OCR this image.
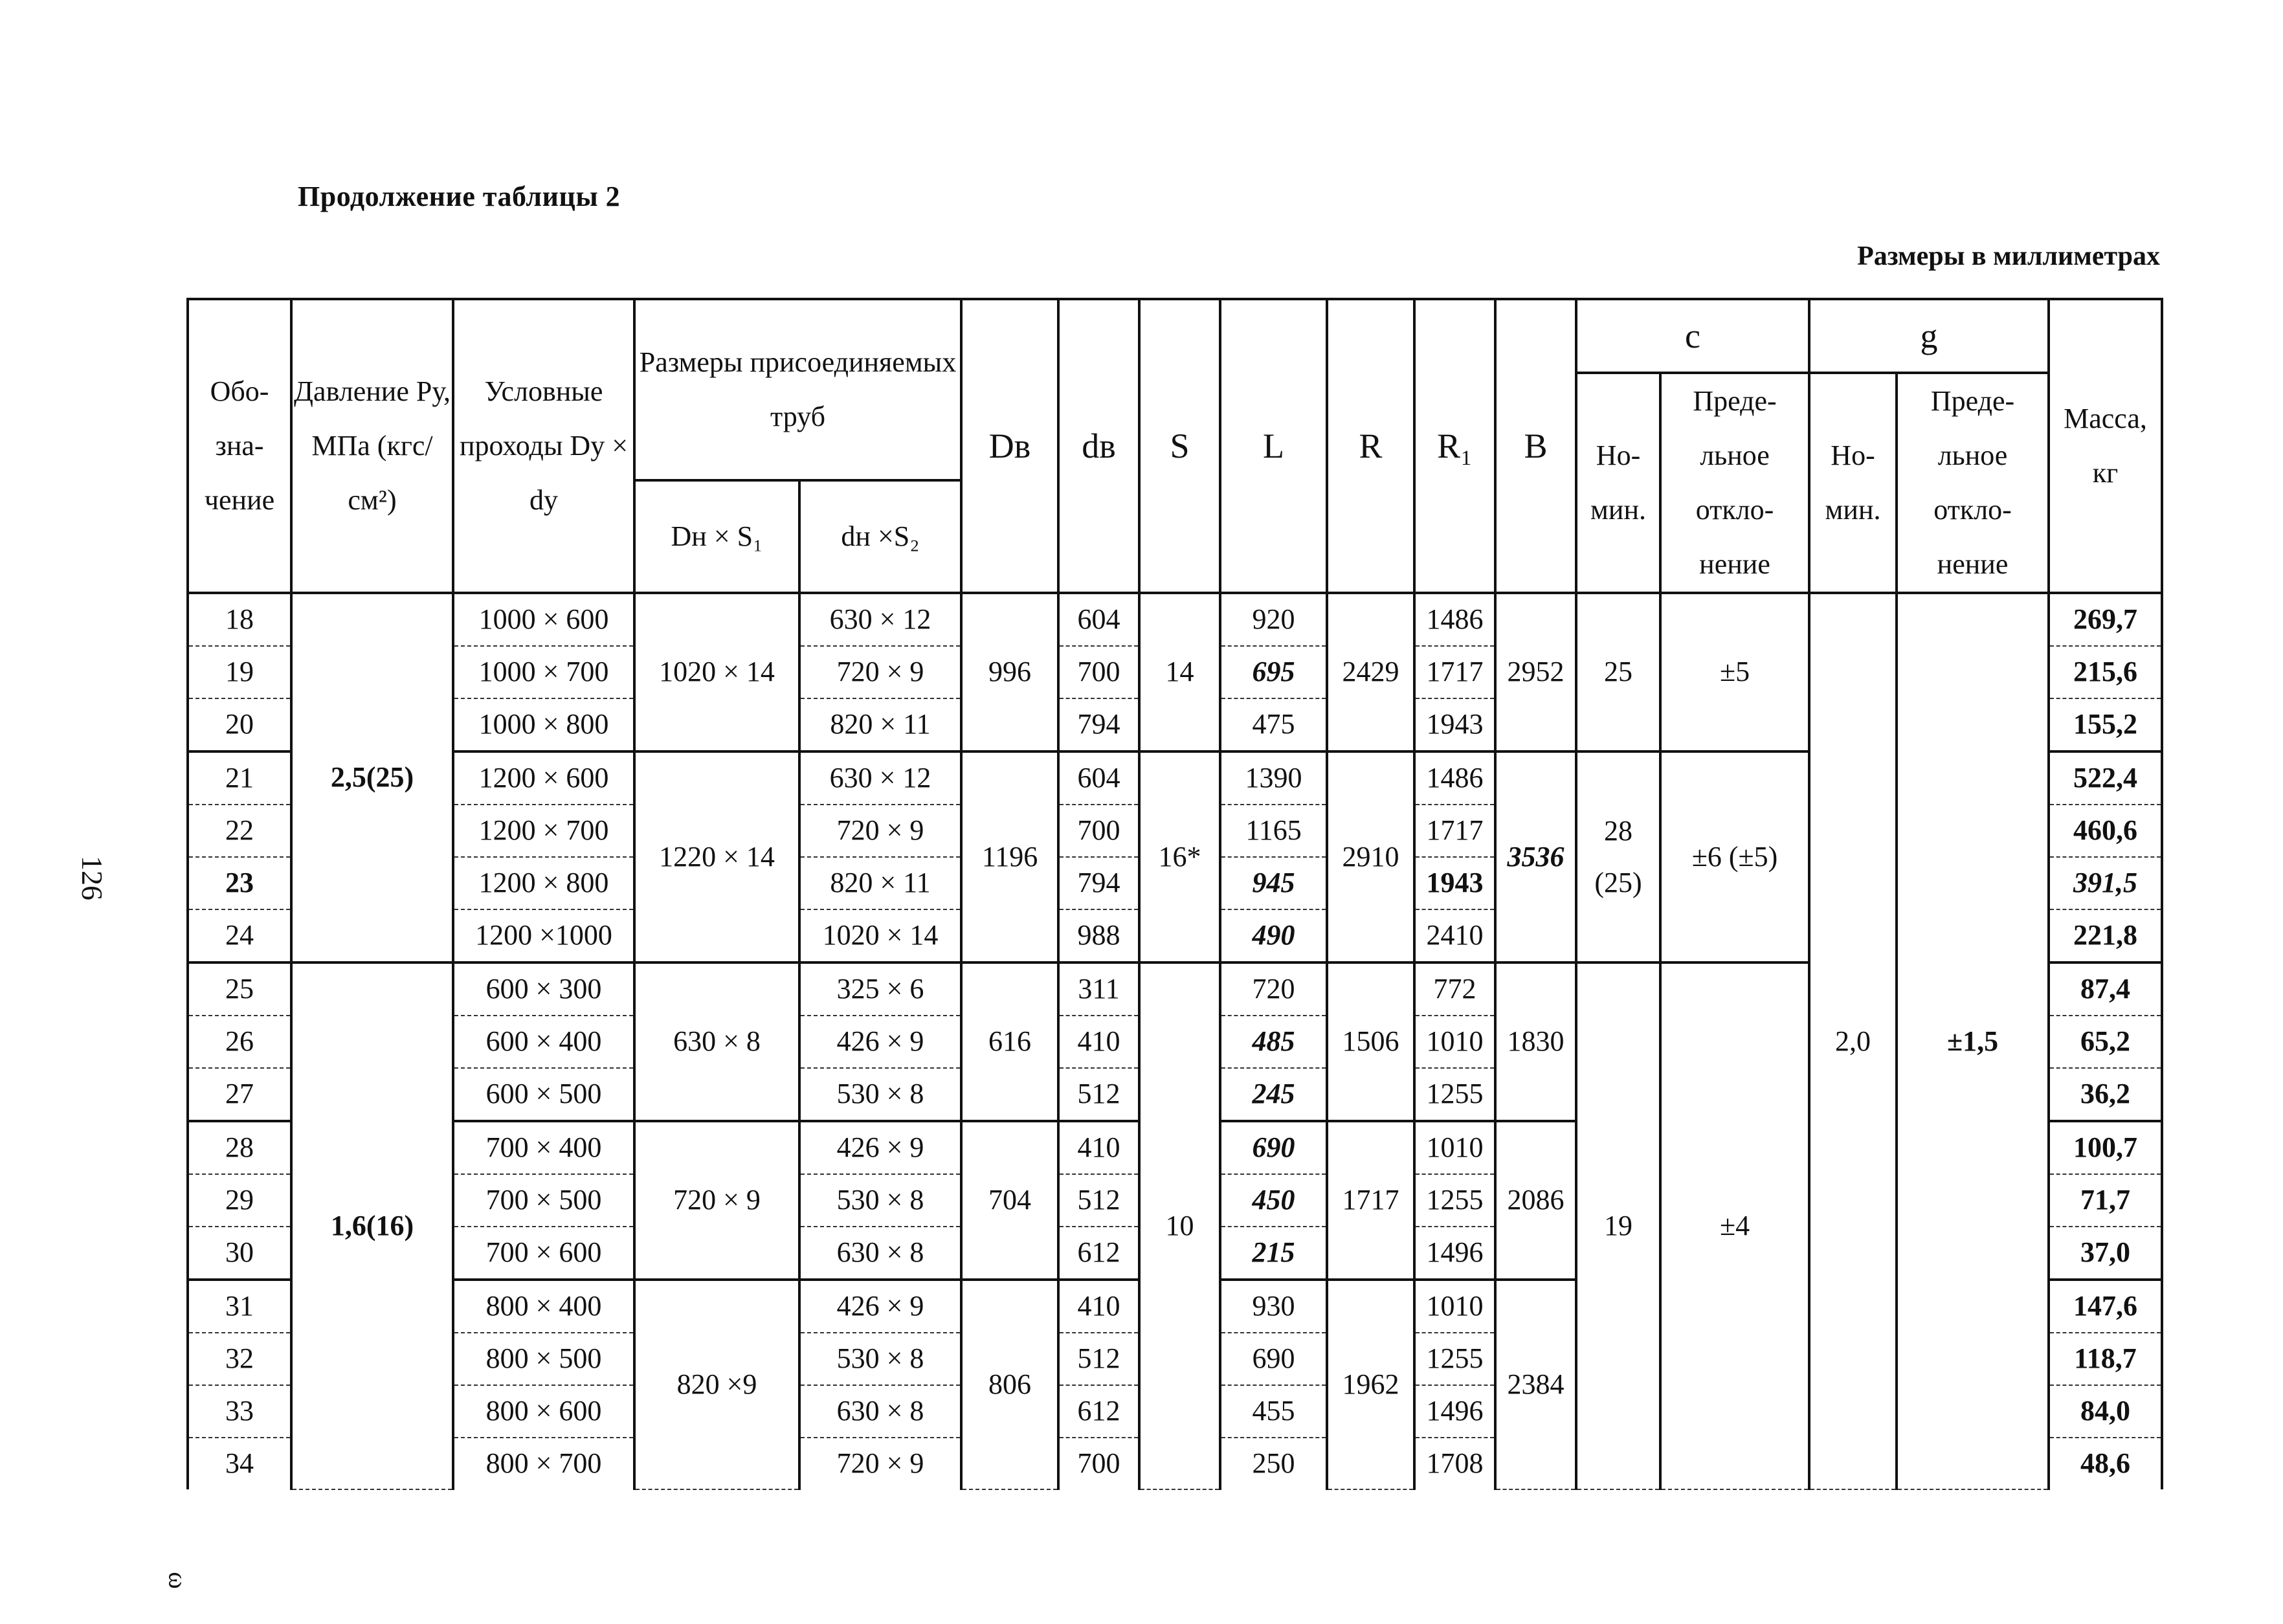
Продолжение таблицы 2
Размеры в миллиметрах
126
ω
Обо- зна- чение	Давление Ру, МПа (кгс/см²)	Условные проходы Dу × dу	Размеры присоединяемых труб		Dв	dв	S	L	R	R₁	B	c		g		Масса, кг
												Но- мин.	Преде- льное откло- нение	Но- мин.	Преде- льное откло- нение	
			Dн × S₁	dн ×S₂												
18	2,5(25)	1000 × 600	1020 × 14	630 × 12	996	604	14	920	2429	1486	2952	25	±5	2,0	±1,5	269,7
19		1000 × 700		720 × 9		700		695		1717						215,6
20		1000 × 800		820 × 11		794		475		1943						155,2
21		1200 × 600	1220 × 14	630 × 12	1196	604	16*	1390	2910	1486	3536	28 (25)	±6 (±5)			522,4
22		1200 × 700		720 × 9		700		1165		1717						460,6
23		1200 × 800		820 × 11		794		945		1943						391,5
24		1200 ×1000		1020 × 14		988		490		2410						221,8
25	1,6(16)	600 × 300	630 × 8	325 × 6	616	311	10	720	1506	772	1830	19	±4			87,4
26		600 × 400		426 × 9		410		485		1010						65,2
27		600 × 500		530 × 8		512		245		1255						36,2
28		700 × 400	720 × 9	426 × 9	704	410		690	1717	1010	2086					100,7
29		700 × 500		530 × 8		512		450		1255						71,7
30		700 × 600		630 × 8		612		215		1496						37,0
31		800 × 400	820 ×9	426 × 9	806	410		930	1962	1010	2384					147,6
32		800 × 500		530 × 8		512		690		1255						118,7
33		800 × 600		630 × 8		612		455		1496						84,0
34		800 × 700		720 × 9		700		250		1708						48,6
